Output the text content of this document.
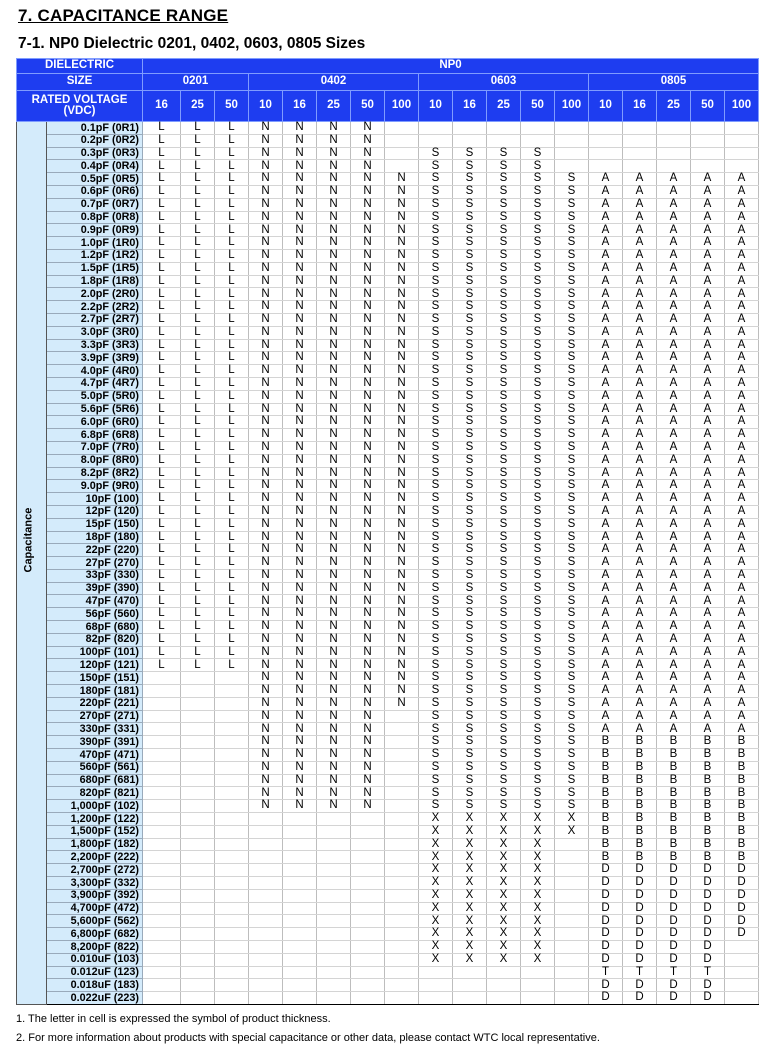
7. CAPACITANCE RANGE
7-1. NP0 Dielectric 0201, 0402, 0603, 0805 Sizes
DIELECTRIC		NP0																	
SIZE		0201			0402					0603					0805				
RATED VOLTAGE (VDC)		16	25	50	10	16	25	50	100	10	16	25	50	100	10	16	25	50	100

Capacitance	0.1pF (0R1)	L	L	L	N	N	N	N											
	0.2pF (0R2)	L	L	L	N	N	N	N											
	0.3pF (0R3)	L	L	L	N	N	N	N		S	S	S	S						
	0.4pF (0R4)	L	L	L	N	N	N	N		S	S	S	S						
	0.5pF (0R5)	L	L	L	N	N	N	N	N	S	S	S	S	S	A	A	A	A	A
	0.6pF (0R6)	L	L	L	N	N	N	N	N	S	S	S	S	S	A	A	A	A	A
	0.7pF (0R7)	L	L	L	N	N	N	N	N	S	S	S	S	S	A	A	A	A	A
	0.8pF (0R8)	L	L	L	N	N	N	N	N	S	S	S	S	S	A	A	A	A	A
	0.9pF (0R9)	L	L	L	N	N	N	N	N	S	S	S	S	S	A	A	A	A	A
	1.0pF (1R0)	L	L	L	N	N	N	N	N	S	S	S	S	S	A	A	A	A	A
	1.2pF (1R2)	L	L	L	N	N	N	N	N	S	S	S	S	S	A	A	A	A	A
	1.5pF (1R5)	L	L	L	N	N	N	N	N	S	S	S	S	S	A	A	A	A	A
	1.8pF (1R8)	L	L	L	N	N	N	N	N	S	S	S	S	S	A	A	A	A	A
	2.0pF (2R0)	L	L	L	N	N	N	N	N	S	S	S	S	S	A	A	A	A	A
	2.2pF (2R2)	L	L	L	N	N	N	N	N	S	S	S	S	S	A	A	A	A	A
	2.7pF (2R7)	L	L	L	N	N	N	N	N	S	S	S	S	S	A	A	A	A	A
	3.0pF (3R0)	L	L	L	N	N	N	N	N	S	S	S	S	S	A	A	A	A	A
	3.3pF (3R3)	L	L	L	N	N	N	N	N	S	S	S	S	S	A	A	A	A	A
	3.9pF (3R9)	L	L	L	N	N	N	N	N	S	S	S	S	S	A	A	A	A	A
	4.0pF (4R0)	L	L	L	N	N	N	N	N	S	S	S	S	S	A	A	A	A	A
	4.7pF (4R7)	L	L	L	N	N	N	N	N	S	S	S	S	S	A	A	A	A	A
	5.0pF (5R0)	L	L	L	N	N	N	N	N	S	S	S	S	S	A	A	A	A	A
	5.6pF (5R6)	L	L	L	N	N	N	N	N	S	S	S	S	S	A	A	A	A	A
	6.0pF (6R0)	L	L	L	N	N	N	N	N	S	S	S	S	S	A	A	A	A	A
	6.8pF (6R8)	L	L	L	N	N	N	N	N	S	S	S	S	S	A	A	A	A	A
	7.0pF (7R0)	L	L	L	N	N	N	N	N	S	S	S	S	S	A	A	A	A	A
	8.0pF (8R0)	L	L	L	N	N	N	N	N	S	S	S	S	S	A	A	A	A	A
	8.2pF (8R2)	L	L	L	N	N	N	N	N	S	S	S	S	S	A	A	A	A	A
	9.0pF (9R0)	L	L	L	N	N	N	N	N	S	S	S	S	S	A	A	A	A	A
	10pF (100)	L	L	L	N	N	N	N	N	S	S	S	S	S	A	A	A	A	A
	12pF (120)	L	L	L	N	N	N	N	N	S	S	S	S	S	A	A	A	A	A
	15pF (150)	L	L	L	N	N	N	N	N	S	S	S	S	S	A	A	A	A	A
	18pF (180)	L	L	L	N	N	N	N	N	S	S	S	S	S	A	A	A	A	A
	22pF (220)	L	L	L	N	N	N	N	N	S	S	S	S	S	A	A	A	A	A
	27pF (270)	L	L	L	N	N	N	N	N	S	S	S	S	S	A	A	A	A	A
	33pF (330)	L	L	L	N	N	N	N	N	S	S	S	S	S	A	A	A	A	A
	39pF (390)	L	L	L	N	N	N	N	N	S	S	S	S	S	A	A	A	A	A
	47pF (470)	L	L	L	N	N	N	N	N	S	S	S	S	S	A	A	A	A	A
	56pF (560)	L	L	L	N	N	N	N	N	S	S	S	S	S	A	A	A	A	A
	68pF (680)	L	L	L	N	N	N	N	N	S	S	S	S	S	A	A	A	A	A
	82pF (820)	L	L	L	N	N	N	N	N	S	S	S	S	S	A	A	A	A	A
	100pF (101)	L	L	L	N	N	N	N	N	S	S	S	S	S	A	A	A	A	A
	120pF (121)	L	L	L	N	N	N	N	N	S	S	S	S	S	A	A	A	A	A
	150pF (151)				N	N	N	N	N	S	S	S	S	S	A	A	A	A	A
	180pF (181)				N	N	N	N	N	S	S	S	S	S	A	A	A	A	A
	220pF (221)				N	N	N	N	N	S	S	S	S	S	A	A	A	A	A
	270pF (271)				N	N	N	N		S	S	S	S	S	A	A	A	A	A
	330pF (331)				N	N	N	N		S	S	S	S	S	A	A	A	A	A
	390pF (391)				N	N	N	N		S	S	S	S	S	B	B	B	B	B
	470pF (471)				N	N	N	N		S	S	S	S	S	B	B	B	B	B
	560pF (561)				N	N	N	N		S	S	S	S	S	B	B	B	B	B
	680pF (681)				N	N	N	N		S	S	S	S	S	B	B	B	B	B
	820pF (821)				N	N	N	N		S	S	S	S	S	B	B	B	B	B
	1,000pF (102)				N	N	N	N		S	S	S	S	S	B	B	B	B	B
	1,200pF (122)									X	X	X	X	X	B	B	B	B	B
	1,500pF (152)									X	X	X	X	X	B	B	B	B	B
	1,800pF (182)									X	X	X	X		B	B	B	B	B
	2,200pF (222)									X	X	X	X		B	B	B	B	B
	2,700pF (272)									X	X	X	X		D	D	D	D	D
	3,300pF (332)									X	X	X	X		D	D	D	D	D
	3,900pF (392)									X	X	X	X		D	D	D	D	D
	4,700pF (472)									X	X	X	X		D	D	D	D	D
	5,600pF (562)									X	X	X	X		D	D	D	D	D
	6,800pF (682)									X	X	X	X		D	D	D	D	D
	8,200pF (822)									X	X	X	X		D	D	D	D	
	0.010uF (103)									X	X	X	X		D	D	D	D	
	0.012uF (123)														T	T	T	T	
	0.018uF (183)														D	D	D	D	
	0.022uF (223)														D	D	D	D	
1. The letter in cell is expressed the symbol of product thickness.
2. For more information about products with special capacitance or other data, please contact WTC local representative.
